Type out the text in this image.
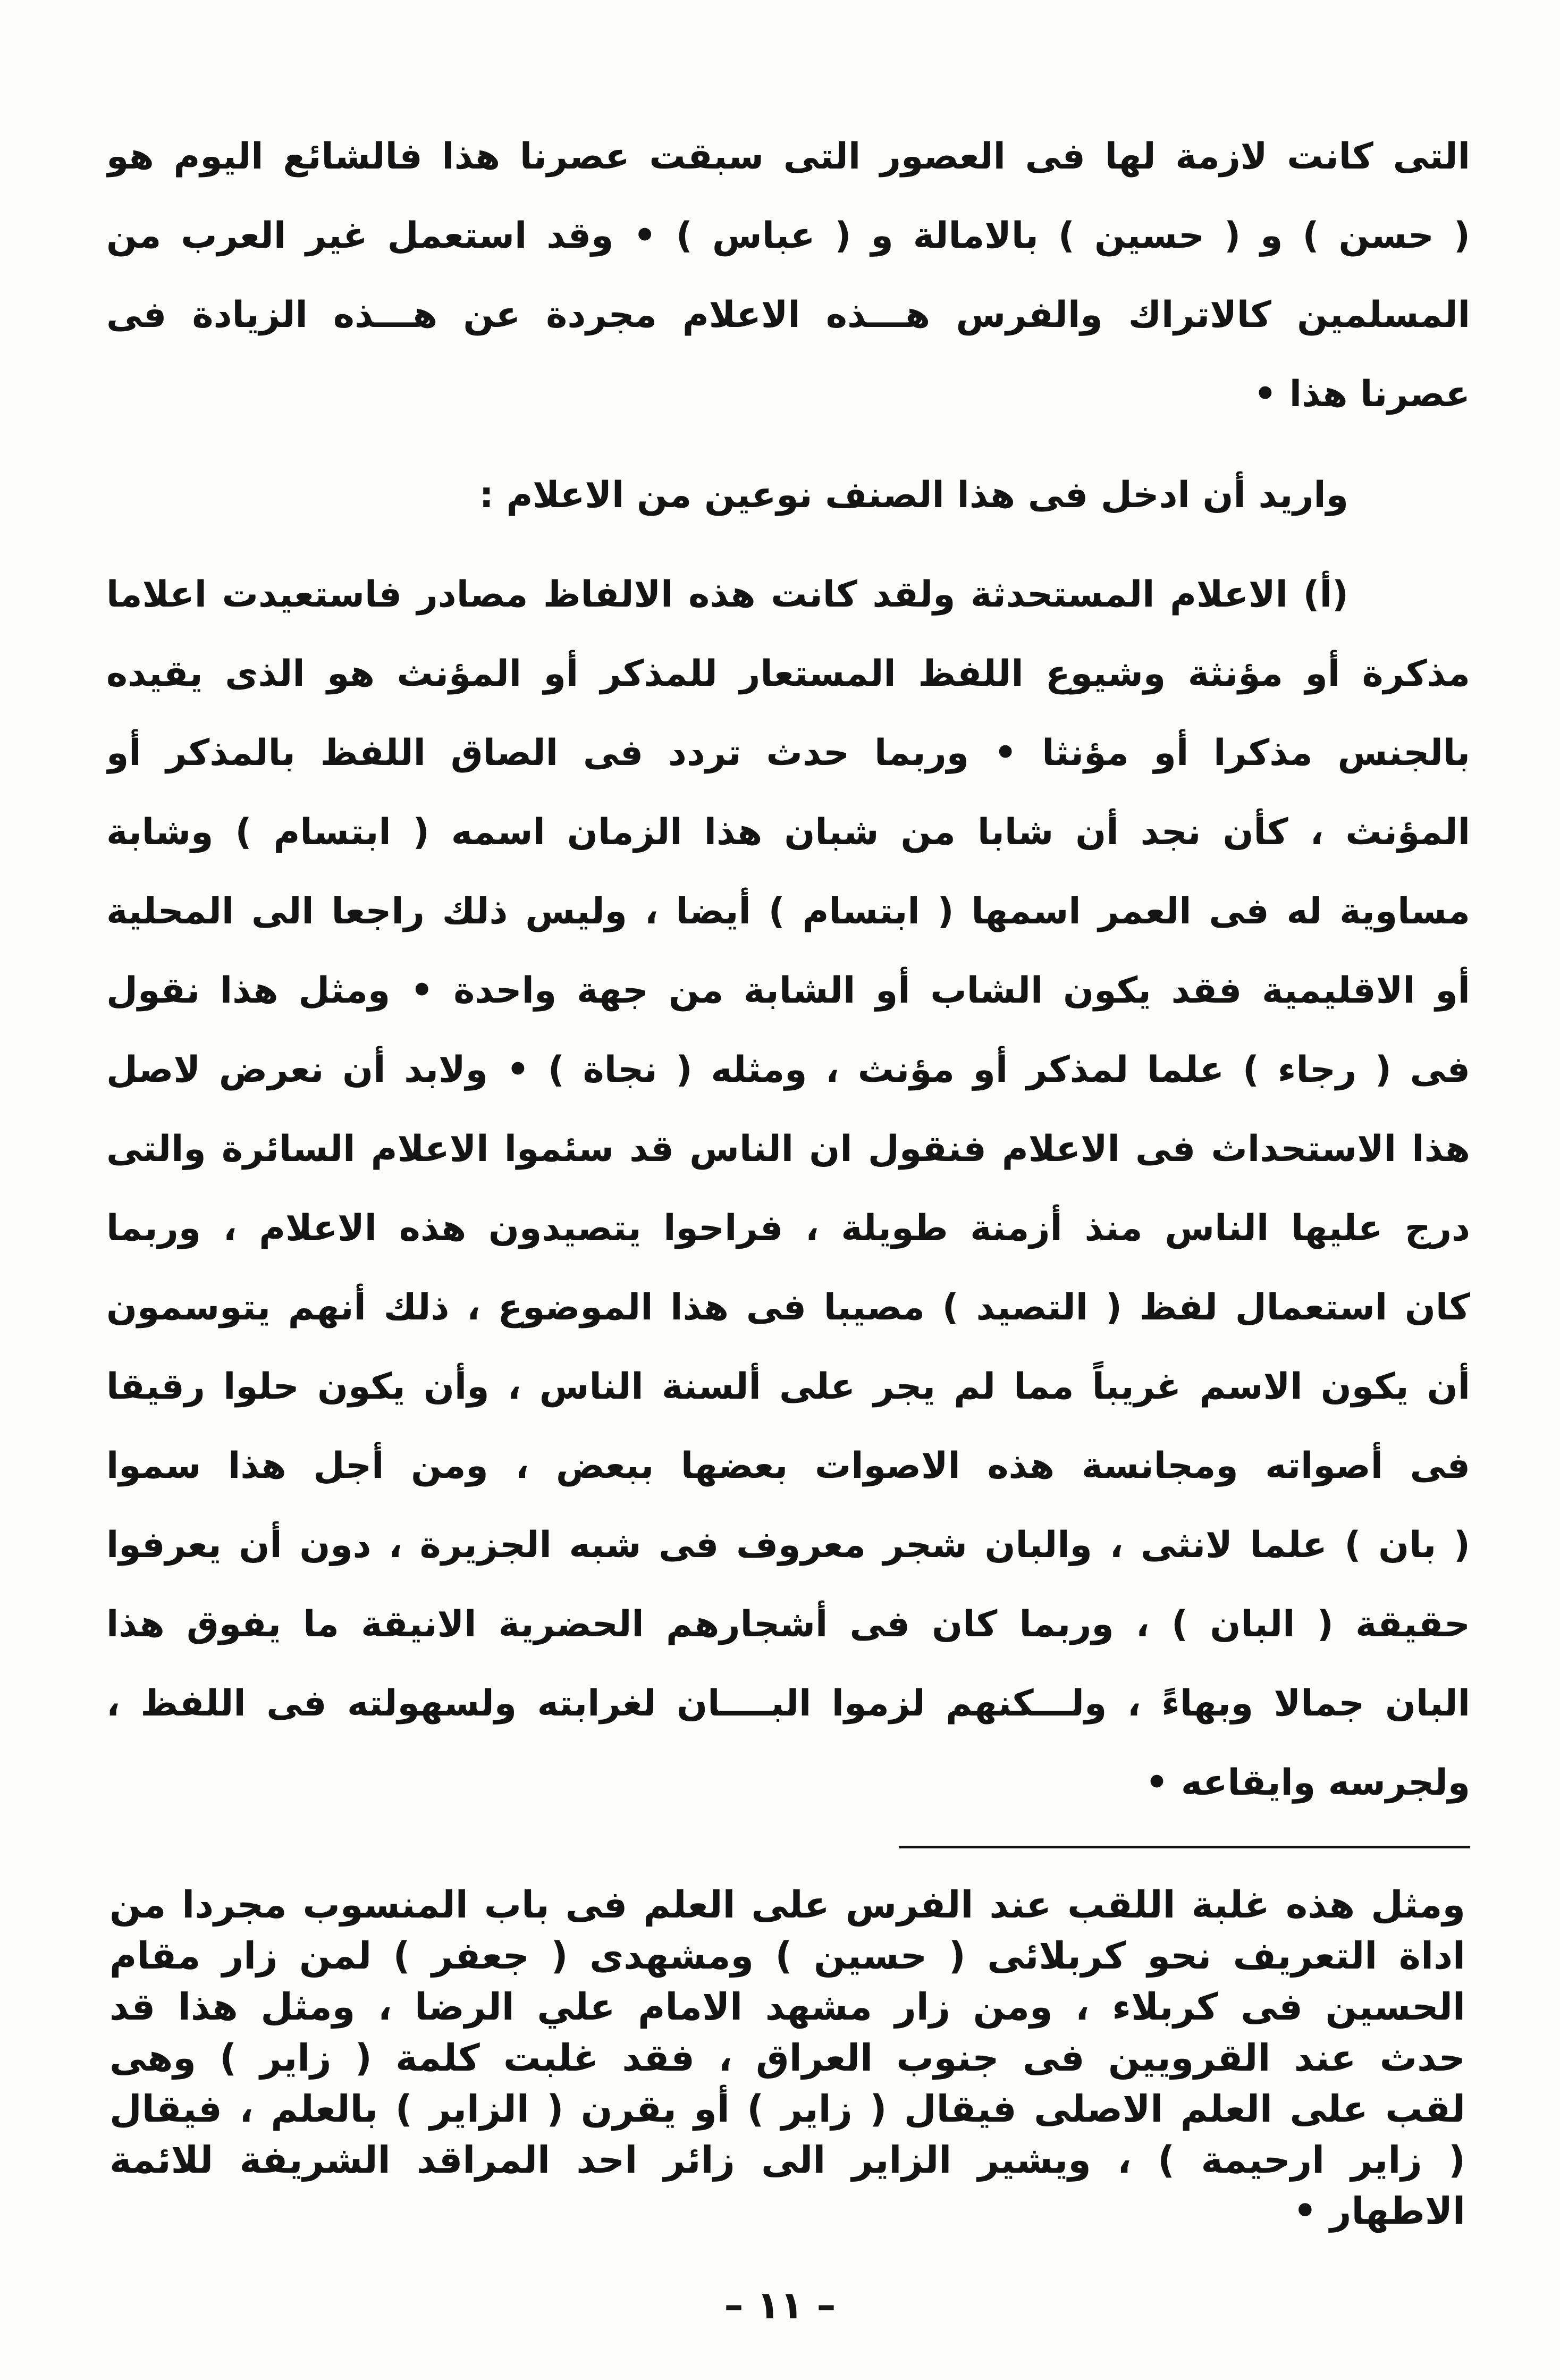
التى كانت لازمة لها فى العصور التى سبقت عصرنا هذا فالشائع اليوم هو
( حسن ) و ( حسين ) بالامالة و ( عباس ) • وقد استعمل غير العرب من
المسلمين كالاتراك والفرس هـــذه الاعلام مجردة عن هـــذه الزيادة فى
عصرنا هذا •
واريد أن ادخل فى هذا الصنف نوعين من الاعلام :
(أ) الاعلام المستحدثة ولقد كانت هذه الالفاظ مصادر فاستعيدت اعلاما
مذكرة أو مؤنثة وشيوع اللفظ المستعار للمذكر أو المؤنث هو الذى يقيده
بالجنس مذكرا أو مؤنثا • وربما حدث تردد فى الصاق اللفظ بالمذكر أو
المؤنث ، كأن نجد أن شابا من شبان هذا الزمان اسمه ( ابتسام ) وشابة
مساوية له فى العمر اسمها ( ابتسام ) أيضا ، وليس ذلك راجعا الى المحلية
أو الاقليمية فقد يكون الشاب أو الشابة من جهة واحدة • ومثل هذا نقول
فى ( رجاء ) علما لمذكر أو مؤنث ، ومثله ( نجاة ) • ولابد أن نعرض لاصل
هذا الاستحداث فى الاعلام فنقول ان الناس قد سئموا الاعلام السائرة والتى
درج عليها الناس منذ أزمنة طويلة ، فراحوا يتصيدون هذه الاعلام ، وربما
كان استعمال لفظ ( التصيد ) مصيبا فى هذا الموضوع ، ذلك أنهم يتوسمون
أن يكون الاسم غريباً مما لم يجر على ألسنة الناس ، وأن يكون حلوا رقيقا
فى أصواته ومجانسة هذه الاصوات بعضها ببعض ، ومن أجل هذا سموا
( بان ) علما لانثى ، والبان شجر معروف فى شبه الجزيرة ، دون أن يعرفوا
حقيقة ( البان ) ، وربما كان فى أشجارهم الحضرية الانيقة ما يفوق هذا
البان جمالا وبهاءً ، ولـــكنهم لزموا البــــان لغرابته ولسهولته فى اللفظ ،
ولجرسه وايقاعه •
ومثل هذه غلبة اللقب عند الفرس على العلم فى باب المنسوب مجردا من
اداة التعريف نحو كربلائى ( حسين ) ومشهدى ( جعفر ) لمن زار مقام
الحسين فى كربلاء ، ومن زار مشهد الامام علي الرضا ، ومثل هذا قد
حدث عند القرويين فى جنوب العراق ، فقد غلبت كلمة ( زاير ) وهى
لقب على العلم الاصلى فيقال ( زاير ) أو يقرن ( الزاير ) بالعلم ، فيقال
( زاير ارحيمة ) ، ويشير الزاير الى زائر احد المراقد الشريفة للائمة
الاطهار •
– ١١ –
